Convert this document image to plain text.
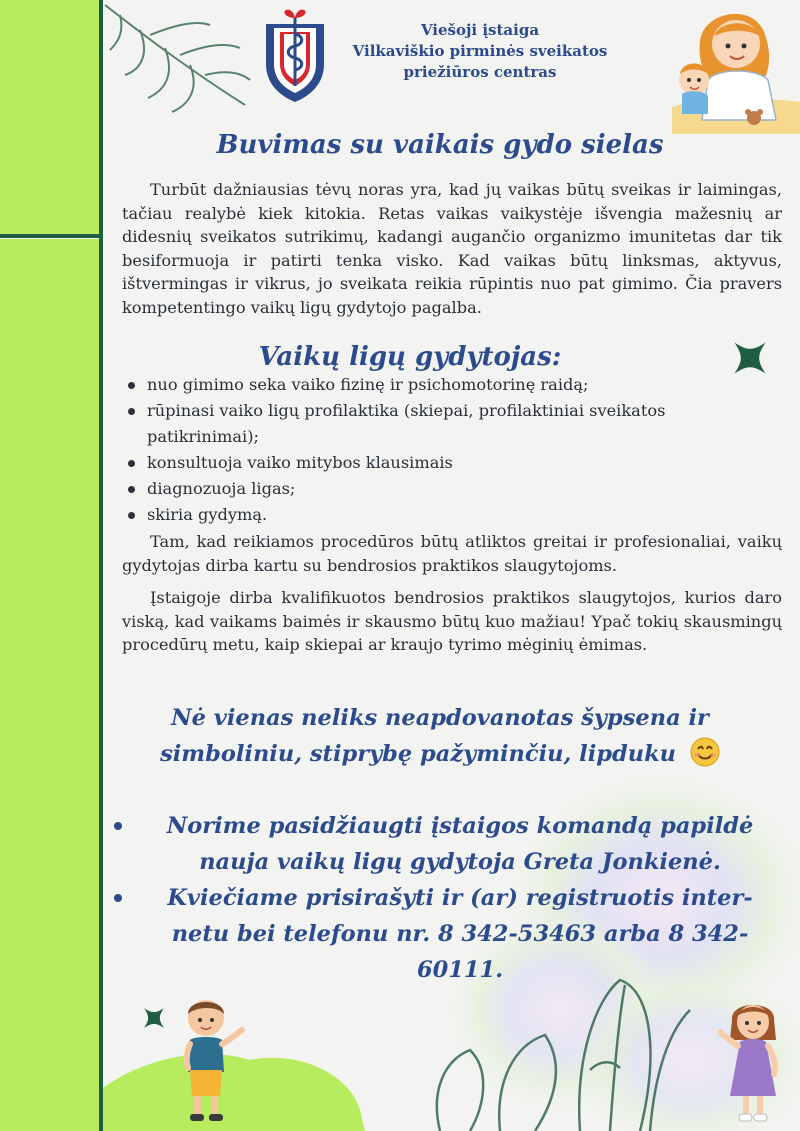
Viešoji įstaiga
Vilkaviškio pirminės sveikatos
priežiūros centras
Buvimas su vaikais gydo sielas

Turbūt dažniausias tėvų noras yra, kad jų vaikas būtų sveikas ir laimingas, tačiau realybė kiek kitokia. Retas vaikas vaikystėje išvengia mažesnių ar didesnių sveikatos sutrikimų, kadangi augančio organizmo imunitetas dar tik besiformuoja ir patirti tenka visko. Kad vaikas būtų linksmas, aktyvus, ištvermingas ir vikrus, jo sveikata reikia rūpintis nuo pat gimimo. Čia pravers kompetentingo vaikų ligų gydytojo pagalba.

Vaikų ligų gydytojas:
nuo gimimo seka vaiko fizinę ir psichomotorinę raidą;
rūpinasi vaiko ligų profilaktika (skiepai, profilaktiniai sveikatos patikrinimai);
konsultuoja vaiko mitybos klausimais
diagnozuoja ligas;
skiria gydymą.

Tam, kad reikiamos procedūros būtų atliktos greitai ir profesionaliai, vaikų gydytojas dirba kartu su bendrosios praktikos slaugytojoms.

Įstaigoje dirba kvalifikuotos bendrosios praktikos slaugytojos, kurios daro viską, kad vaikams baimės ir skausmo būtų kuo mažiau! Ypač tokių skausmingų procedūrų metu, kaip skiepai ar kraujo tyrimo mėginių ėmimas.

Nė vienas neliks neapdovanotas šypsena ir simboliniu, stiprybę pažyminčiu, lipduku
Norime pasidžiaugti įstaigos komandą papildė nauja vaikų ligų gydytoja Greta Jonkienė.
Kviečiame prisirašyti ir (ar) registruotis inter-netu bei telefonu nr. 8 342-53463 arba 8 342-60111.
